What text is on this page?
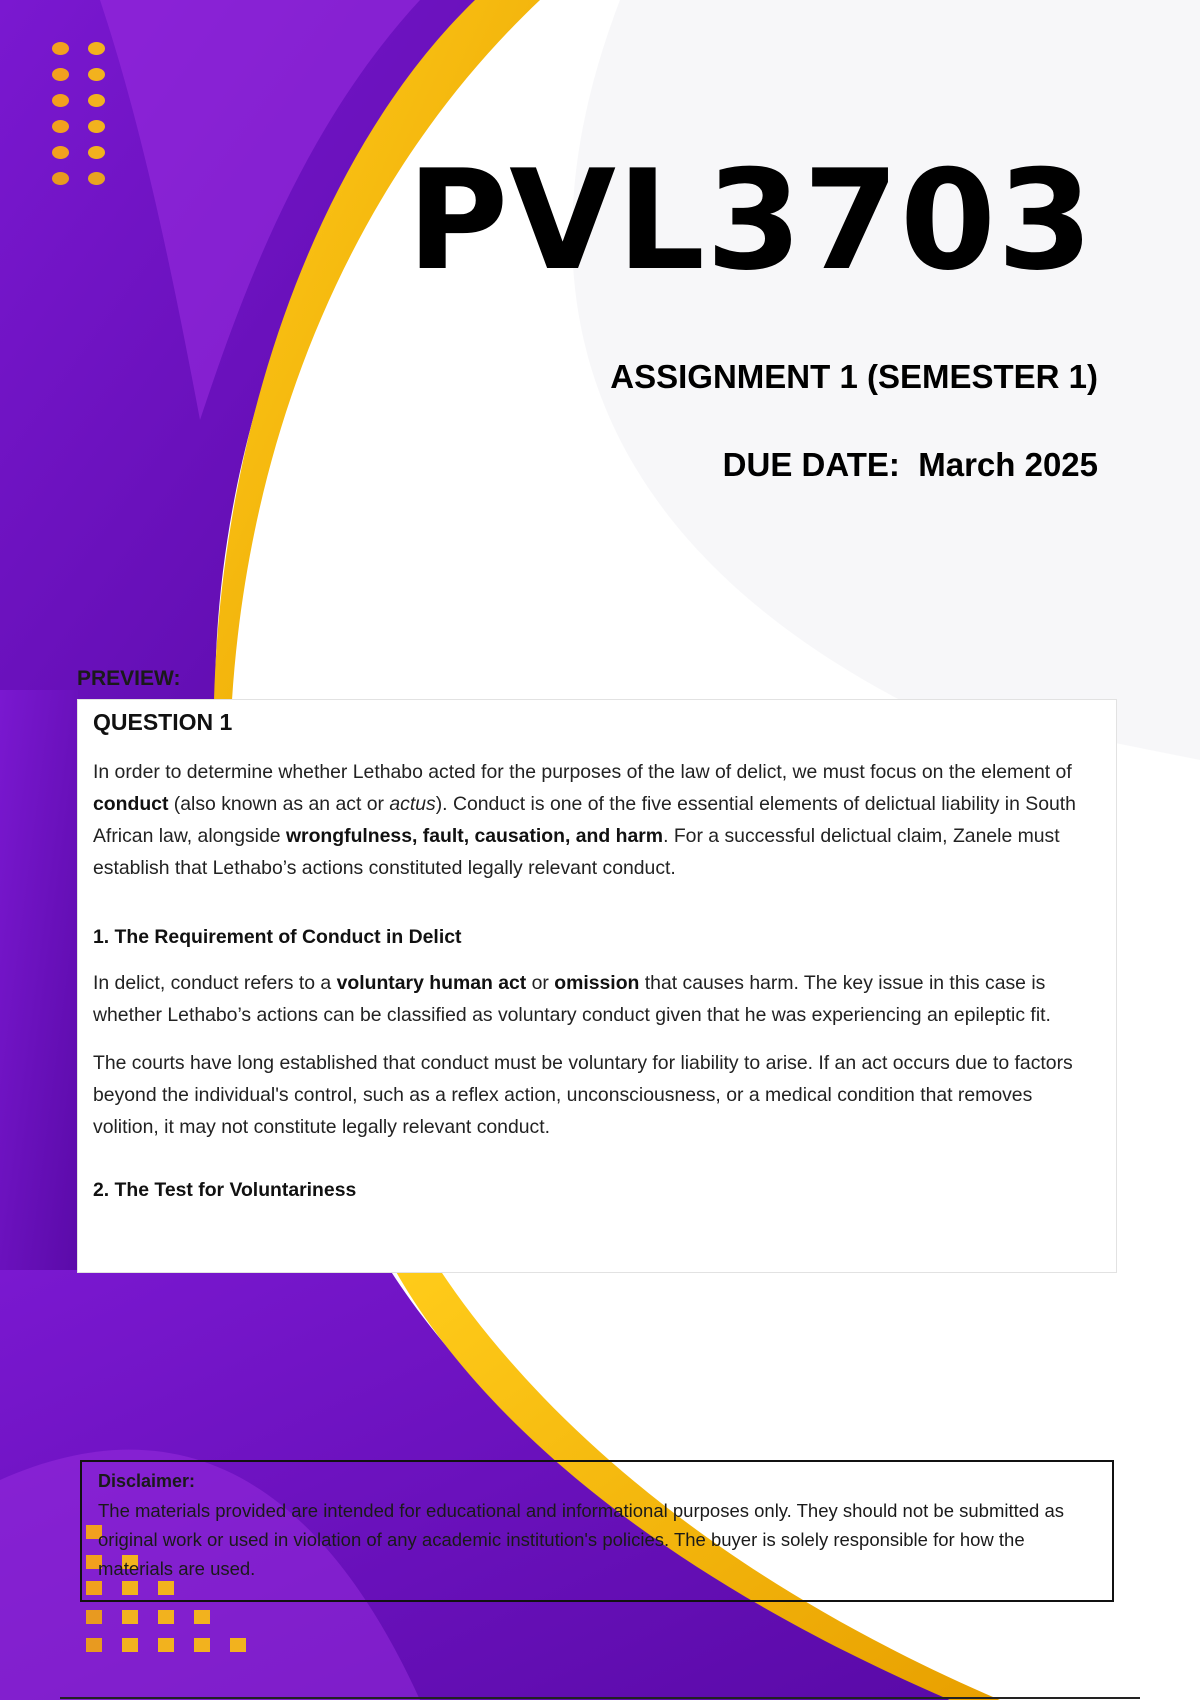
PVL3703
ASSIGNMENT 1 (SEMESTER 1)
DUE DATE:  March 2025
PREVIEW:
QUESTION 1

In order to determine whether Lethabo acted for the purposes of the law of delict, we must focus on the element of conduct (also known as an act or actus). Conduct is one of the five essential elements of delictual liability in South African law, alongside wrongfulness, fault, causation, and harm. For a successful delictual claim, Zanele must establish that Lethabo’s actions constituted legally relevant conduct.

1. The Requirement of Conduct in Delict

In delict, conduct refers to a voluntary human act or omission that causes harm. The key issue in this case is whether Lethabo’s actions can be classified as voluntary conduct given that he was experiencing an epileptic fit.

The courts have long established that conduct must be voluntary for liability to arise. If an act occurs due to factors beyond the individual's control, such as a reflex action, unconsciousness, or a medical condition that removes volition, it may not constitute legally relevant conduct.

2. The Test for Voluntariness
Disclaimer:
The materials provided are intended for educational and informational purposes only. They should not be submitted as original work or used in violation of any academic institution's policies. The buyer is solely responsible for how the materials are used.
